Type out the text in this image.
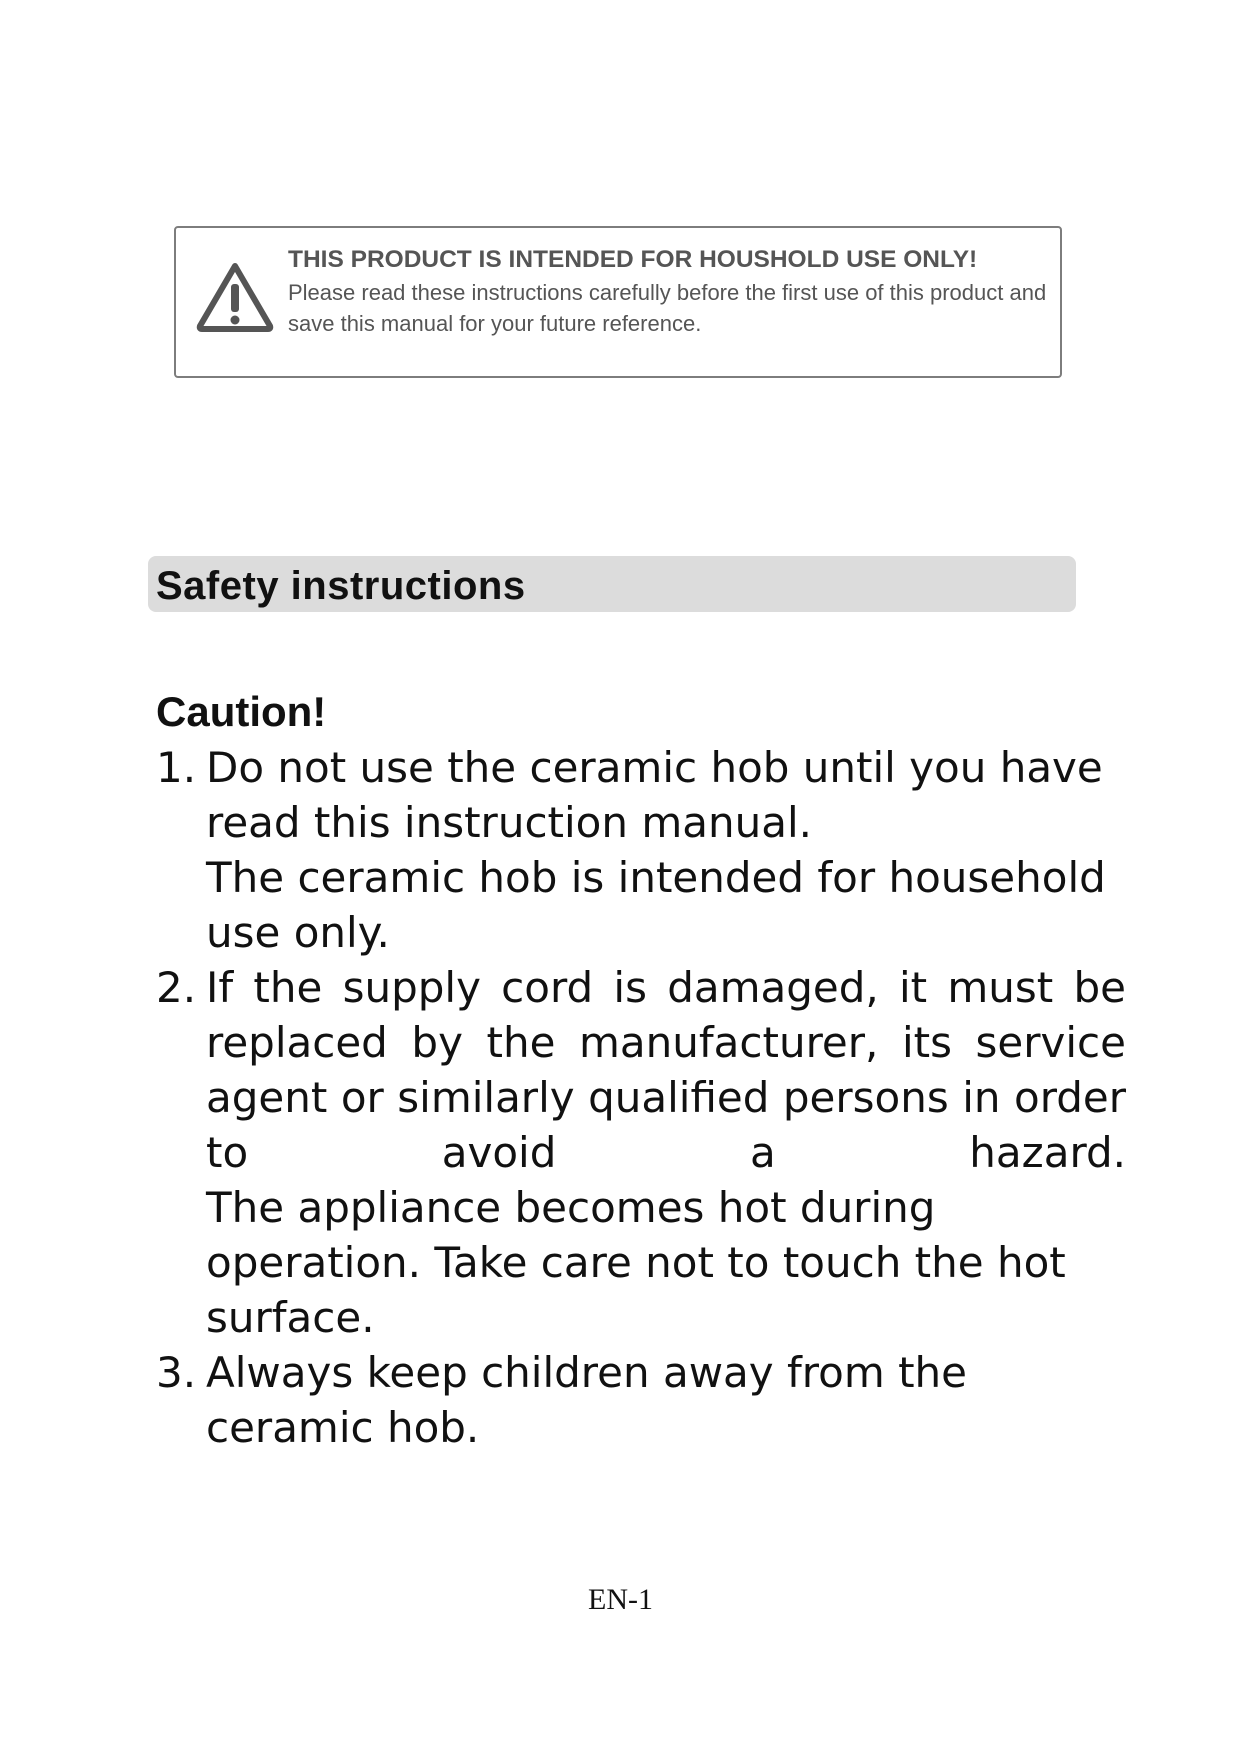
THIS PRODUCT IS INTENDED FOR HOUSHOLD USE ONLY!

Please read these instructions carefully before the first use of this product and save this manual for your future reference.

Safety instructions
Caution!
1. Do not use the ceramic hob until you have read this instruction manual.

The ceramic hob is intended for household use only.

2. If the supply cord is damaged, it must be replaced by the manufacturer, its service agent or similarly qualified persons in order to avoid a hazard.

The appliance becomes hot during operation. Take care not to touch the hot surface.

3. Always keep children away from the ceramic hob.

EN-1
